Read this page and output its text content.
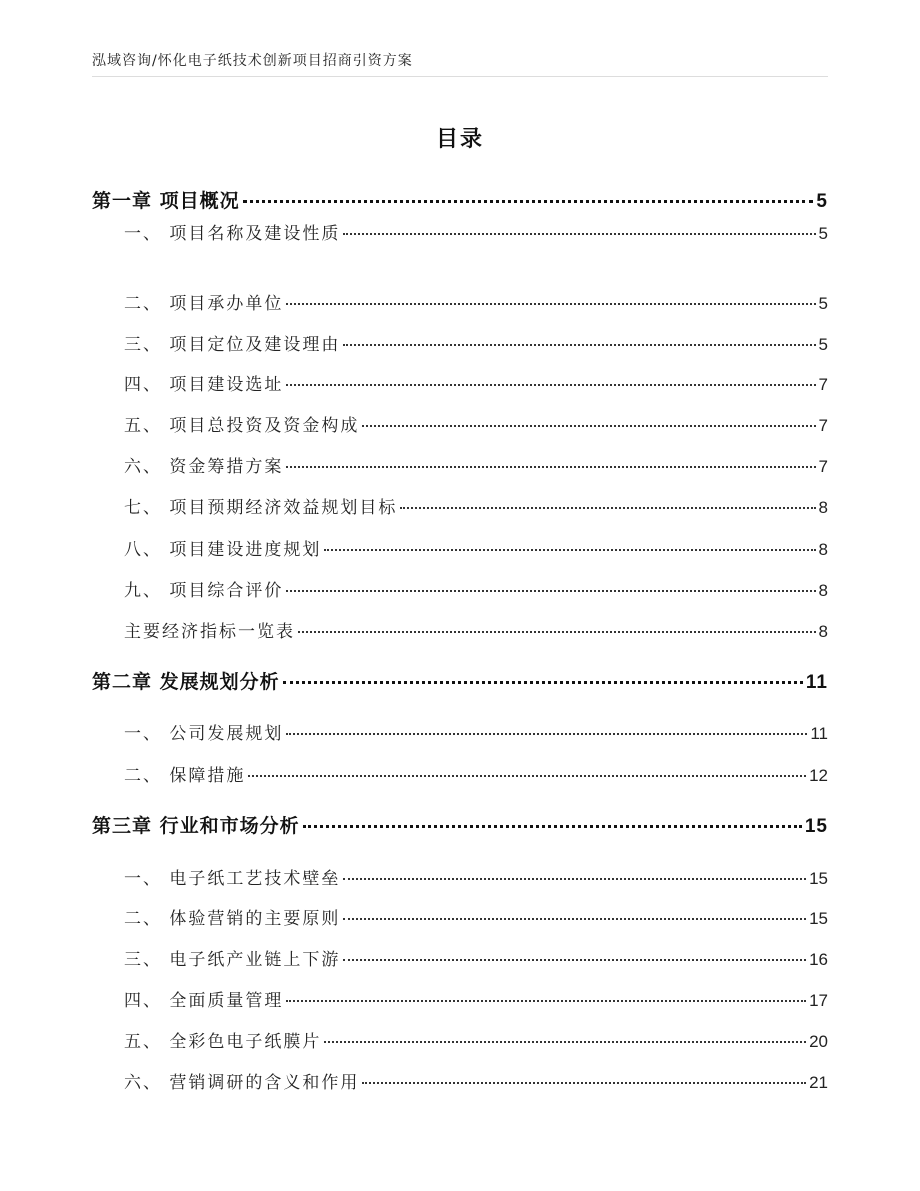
泓域咨询/怀化电子纸技术创新项目招商引资方案
目录
第一章 项目概况	5
一、 项目名称及建设性质	5
二、 项目承办单位	5
三、 项目定位及建设理由	5
四、 项目建设选址	7
五、 项目总投资及资金构成	7
六、 资金筹措方案	7
七、 项目预期经济效益规划目标	8
八、 项目建设进度规划	8
九、 项目综合评价	8
主要经济指标一览表	8
第二章 发展规划分析	11
一、 公司发展规划	11
二、 保障措施	12
第三章 行业和市场分析	15
一、 电子纸工艺技术壁垒	15
二、 体验营销的主要原则	15
三、 电子纸产业链上下游	16
四、 全面质量管理	17
五、 全彩色电子纸膜片	20
六、 营销调研的含义和作用	21
